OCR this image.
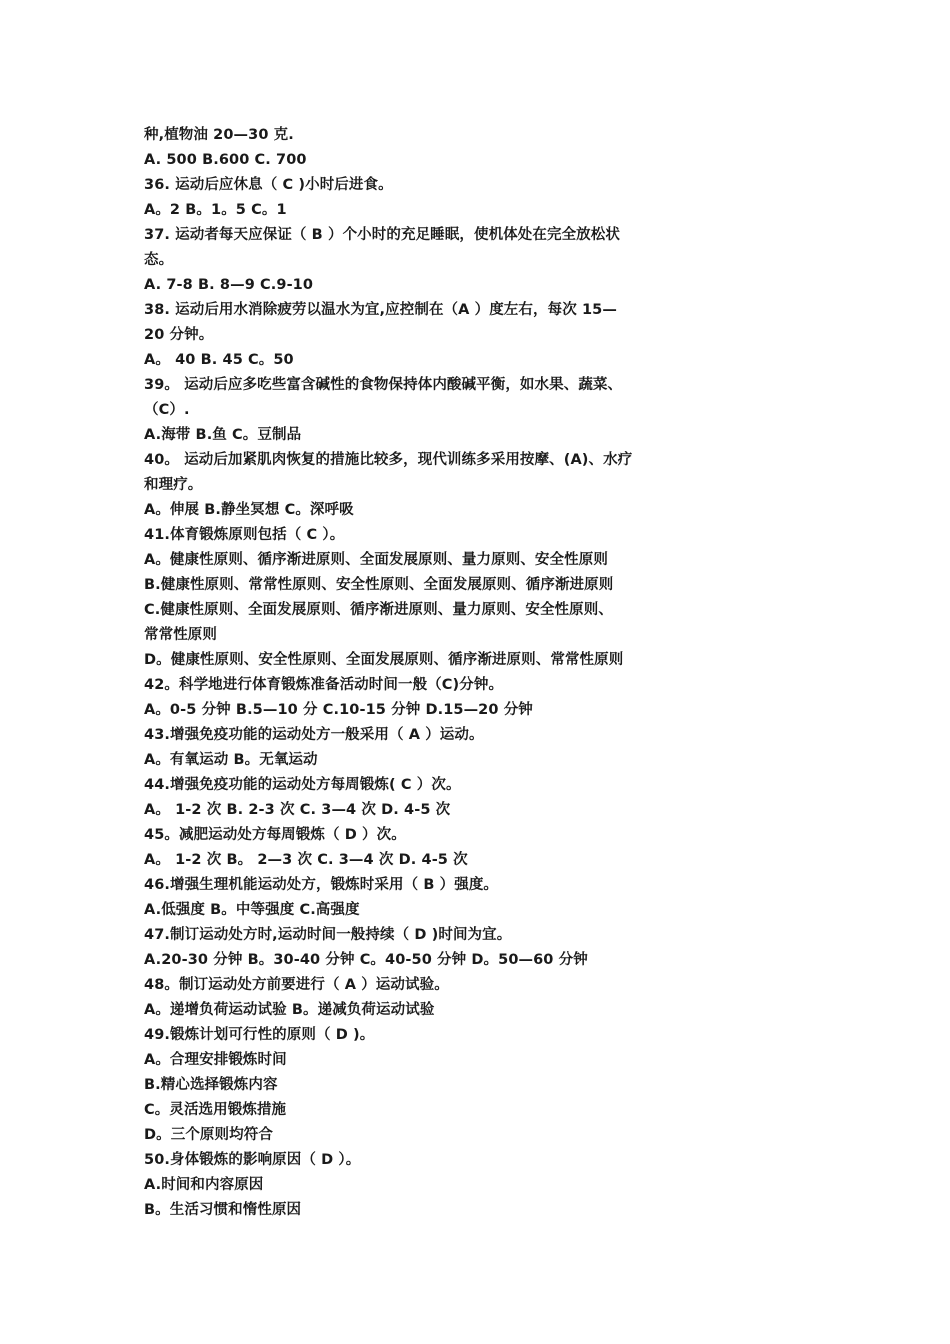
种,植物油 20—30 克.
A. 500 B.600 C. 700
36. 运动后应休息（ C )小时后进食。
A。2 B。1。5 C。1
37. 运动者每天应保证（ B ）个小时的充足睡眠，使机体处在完全放松状
态。
A. 7-8 B. 8—9 C.9-10
38. 运动后用水消除疲劳以温水为宜,应控制在（A ）度左右，每次 15—
20 分钟。
A。 40 B. 45 C。50
39。 运动后应多吃些富含碱性的食物保持体内酸碱平衡，如水果、蔬菜、
（C）.
A.海带 B.鱼 C。豆制品
40。 运动后加紧肌肉恢复的措施比较多，现代训练多采用按摩、(A)、水疗
和理疗。
A。伸展 B.静坐冥想 C。深呼吸
41.体育锻炼原则包括（ C ）。
A。健康性原则、循序渐进原则、全面发展原则、量力原则、安全性原则
B.健康性原则、常常性原则、安全性原则、全面发展原则、循序渐进原则
C.健康性原则、全面发展原则、循序渐进原则、量力原则、安全性原则、
常常性原则
D。健康性原则、安全性原则、全面发展原则、循序渐进原则、常常性原则
42。科学地进行体育锻炼准备活动时间一般（C)分钟。
A。0-5 分钟 B.5—10 分 C.10-15 分钟 D.15—20 分钟
43.增强免疫功能的运动处方一般采用（ A ）运动。
A。有氧运动 B。无氧运动
44.增强免疫功能的运动处方每周锻炼( C ）次。
A。 1-2 次 B. 2-3 次 C. 3—4 次 D. 4-5 次
45。减肥运动处方每周锻炼（ D ）次。
A。 1-2 次 B。 2—3 次 C. 3—4 次 D. 4-5 次
46.增强生理机能运动处方，锻炼时采用（ B ）强度。
A.低强度 B。中等强度 C.高强度
47.制订运动处方时,运动时间一般持续（ D )时间为宜。
A.20-30 分钟 B。30-40 分钟 C。40-50 分钟 D。50—60 分钟
48。制订运动处方前要进行（ A ）运动试验。
A。递增负荷运动试验 B。递减负荷运动试验
49.锻炼计划可行性的原则（ D )。
A。合理安排锻炼时间
B.精心选择锻炼内容
C。灵活选用锻炼措施
D。三个原则均符合
50.身体锻炼的影响原因（ D ）。
A.时间和内容原因
B。生活习惯和惰性原因
